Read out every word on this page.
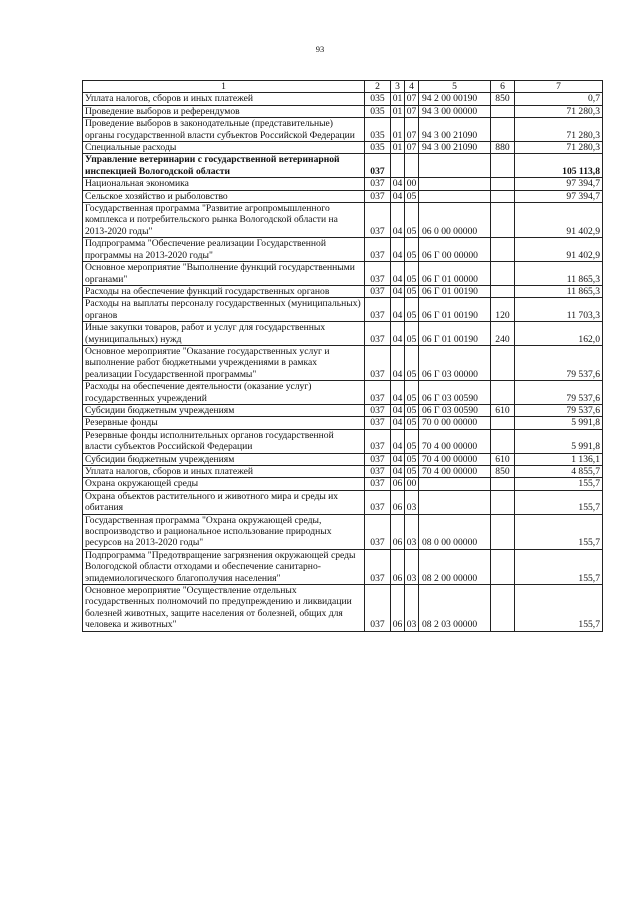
93
1	2	3	4	5	6	7
Уплата налогов, сборов и иных платежей	035	01	07	94 2 00 00190	850	0,7
Проведение выборов и референдумов	035	01	07	94 3 00 00000		71 280,3
Проведение выборов в законодательные (представительные) органы государственной власти субъектов Российской Федерации	035	01	07	94 3 00 21090		71 280,3
Специальные расходы	035	01	07	94 3 00 21090	880	71 280,3
Управление ветеринарии с государственной ветеринарной инспекцией Вологодской области	037					105 113,8
Национальная экономика	037	04	00			97 394,7
Сельское хозяйство и рыболовство	037	04	05			97 394,7
Государственная программа "Развитие агропромышленного комплекса и потребительского рынка Вологодской области на 2013-2020 годы"	037	04	05	06 0 00 00000		91 402,9
Подпрограмма "Обеспечение реализации Государственной программы на 2013-2020 годы"	037	04	05	06 Г 00 00000		91 402,9
Основное мероприятие "Выполнение функций государственными органами"	037	04	05	06 Г 01 00000		11 865,3
Расходы на обеспечение функций государственных органов	037	04	05	06 Г 01 00190		11 865,3
Расходы на выплаты персоналу государственных (муниципальных) органов	037	04	05	06 Г 01 00190	120	11 703,3
Иные закупки товаров, работ и услуг для государственных (муниципальных) нужд	037	04	05	06 Г 01 00190	240	162,0
Основное мероприятие "Оказание государственных услуг и выполнение работ бюджетными учреждениями в рамках реализации Государственной программы"	037	04	05	06 Г 03 00000		79 537,6
Расходы на обеспечение деятельности (оказание услуг) государственных учреждений	037	04	05	06 Г 03 00590		79 537,6
Субсидии бюджетным учреждениям	037	04	05	06 Г 03 00590	610	79 537,6
Резервные фонды	037	04	05	70 0 00 00000		5 991,8
Резервные фонды исполнительных органов государственной власти субъектов Российской Федерации	037	04	05	70 4 00 00000		5 991,8
Субсидии бюджетным учреждениям	037	04	05	70 4 00 00000	610	1 136,1
Уплата налогов, сборов и иных платежей	037	04	05	70 4 00 00000	850	4 855,7
Охрана окружающей среды	037	06	00			155,7
Охрана объектов растительного и животного мира и среды их обитания	037	06	03			155,7
Государственная программа "Охрана окружающей среды, воспроизводство и рациональное использование природных ресурсов на 2013-2020 годы"	037	06	03	08 0 00 00000		155,7
Подпрограмма "Предотвращение загрязнения окружающей среды Вологодской области отходами и обеспечение санитарно-эпидемиологического благополучия населения"	037	06	03	08 2 00 00000		155,7
Основное мероприятие "Осуществление отдельных государственных полномочий по предупреждению и ликвидации болезней животных, защите населения от болезней, общих для человека и животных"	037	06	03	08 2 03 00000		155,7
